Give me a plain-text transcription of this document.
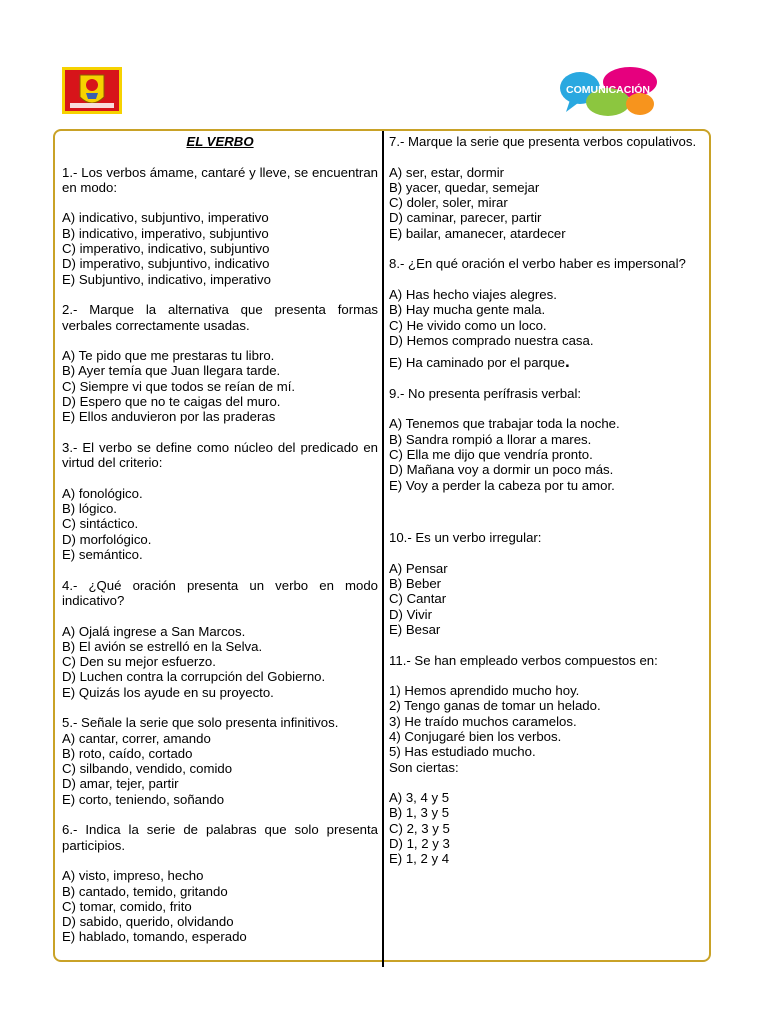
COMUNICACIÓN
EL VERBO
1.- Los verbos ámame, cantaré y lleve, se encuentran en modo:
A) indicativo, subjuntivo, imperativo
B) indicativo, imperativo, subjuntivo
C) imperativo, indicativo, subjuntivo
D) imperativo, subjuntivo, indicativo
E) Subjuntivo, indicativo, imperativo
2.- Marque la alternativa que presenta formas verbales correctamente usadas.
A) Te pido que me prestaras tu libro.
B) Ayer temía que Juan llegara tarde.
C) Siempre vi que todos se reían de mí.
D) Espero que no te caigas del muro.
E) Ellos anduvieron por las praderas
3.- El verbo se define como núcleo del predicado en virtud del criterio:
A) fonológico.
B) lógico.
C) sintáctico.
D) morfológico.
E) semántico.
4.- ¿Qué oración presenta un verbo en modo indicativo?
A) Ojalá ingrese a San Marcos.
B) El avión se estrelló en la Selva.
C) Den su mejor esfuerzo.
D) Luchen contra la corrupción del Gobierno.
E) Quizás los ayude en su proyecto.
5.- Señale la serie que solo presenta infinitivos.
A) cantar, correr, amando
B) roto, caído, cortado
C) silbando, vendido, comido
D) amar, tejer, partir
E) corto, teniendo, soñando
6.- Indica la serie de palabras que solo presenta participios.
A) visto, impreso, hecho
B) cantado, temido, gritando
C) tomar, comido, frito
D) sabido, querido, olvidando
E) hablado, tomando, esperado
7.- Marque la serie que presenta verbos copulativos.
A) ser, estar, dormir
B) yacer, quedar, semejar
C) doler, soler, mirar
D) caminar, parecer, partir
E) bailar, amanecer, atardecer
8.- ¿En qué oración el verbo haber es impersonal?
A) Has hecho viajes alegres.
B) Hay mucha gente mala.
C) He vivido como un loco.
D) Hemos comprado nuestra casa.
E) Ha caminado por el parque.
9.- No presenta perífrasis verbal:
A) Tenemos que trabajar toda la noche.
B) Sandra rompió a llorar a mares.
C) Ella me dijo que vendría pronto.
D) Mañana voy a dormir un poco más.
E) Voy a perder la cabeza por tu amor.
10.- Es un verbo irregular:
A) Pensar
B) Beber
C) Cantar
D) Vivir
E) Besar
11.- Se han empleado verbos compuestos en:
1) Hemos aprendido mucho hoy.
2) Tengo ganas de tomar un helado.
3) He traído muchos caramelos.
4) Conjugaré bien los verbos.
5) Has estudiado mucho.
Son ciertas:
A) 3, 4 y 5
B) 1, 3 y 5
C) 2, 3 y 5
D) 1, 2 y 3
E) 1, 2 y 4
